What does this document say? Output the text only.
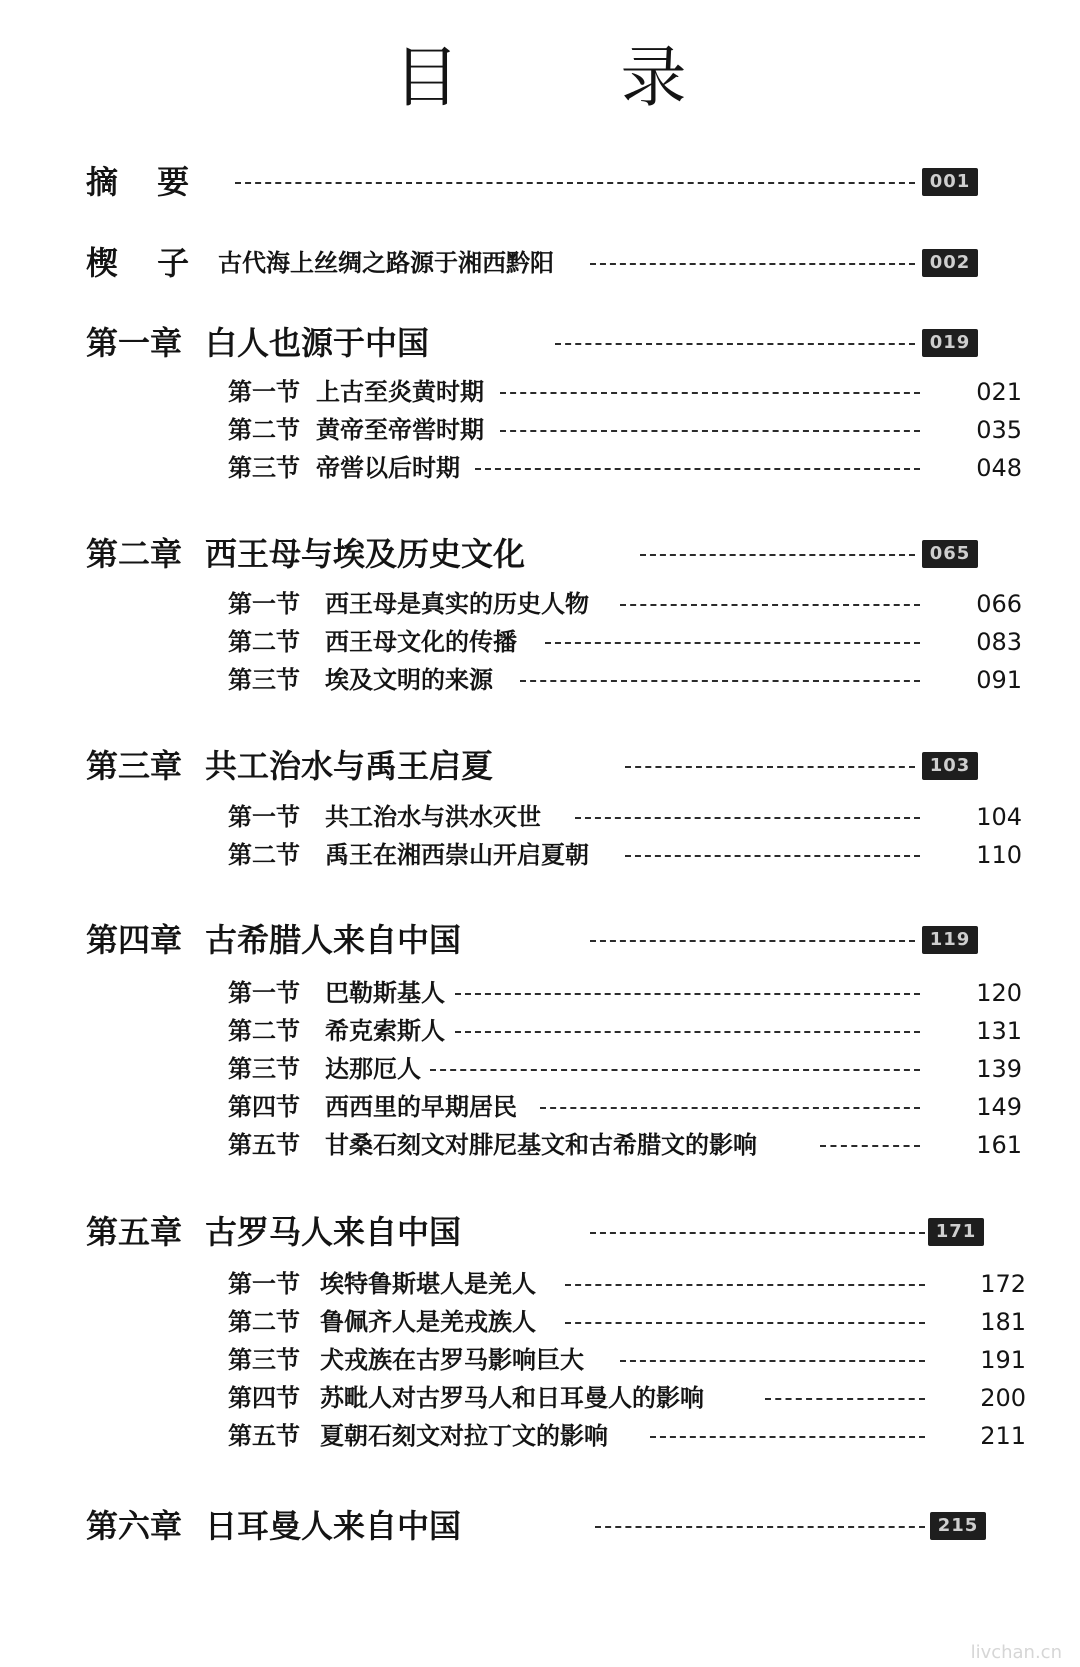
目 录
摘 要	001
楔 子 古代海上丝绸之路源于湘西黔阳	002
第一章 白人也源于中国	019
第一节 上古至炎黄时期	021
第二节 黄帝至帝喾时期	035
第三节 帝喾以后时期	048
第二章 西王母与埃及历史文化	065
第一节 西王母是真实的历史人物	066
第二节 西王母文化的传播	083
第三节 埃及文明的来源	091
第三章 共工治水与禹王启夏	103
第一节 共工治水与洪水灭世	104
第二节 禹王在湘西崇山开启夏朝	110
第四章 古希腊人来自中国	119
第一节 巴勒斯基人	120
第二节 希克索斯人	131
第三节 达那厄人	139
第四节 西西里的早期居民	149
第五节 甘桑石刻文对腓尼基文和古希腊文的影响	161
第五章 古罗马人来自中国	171
第一节 埃特鲁斯堪人是羌人	172
第二节 鲁佩齐人是羌戎族人	181
第三节 犬戎族在古罗马影响巨大	191
第四节 苏毗人对古罗马人和日耳曼人的影响	200
第五节 夏朝石刻文对拉丁文的影响	211
第六章 日耳曼人来自中国	215
livchan.cn
